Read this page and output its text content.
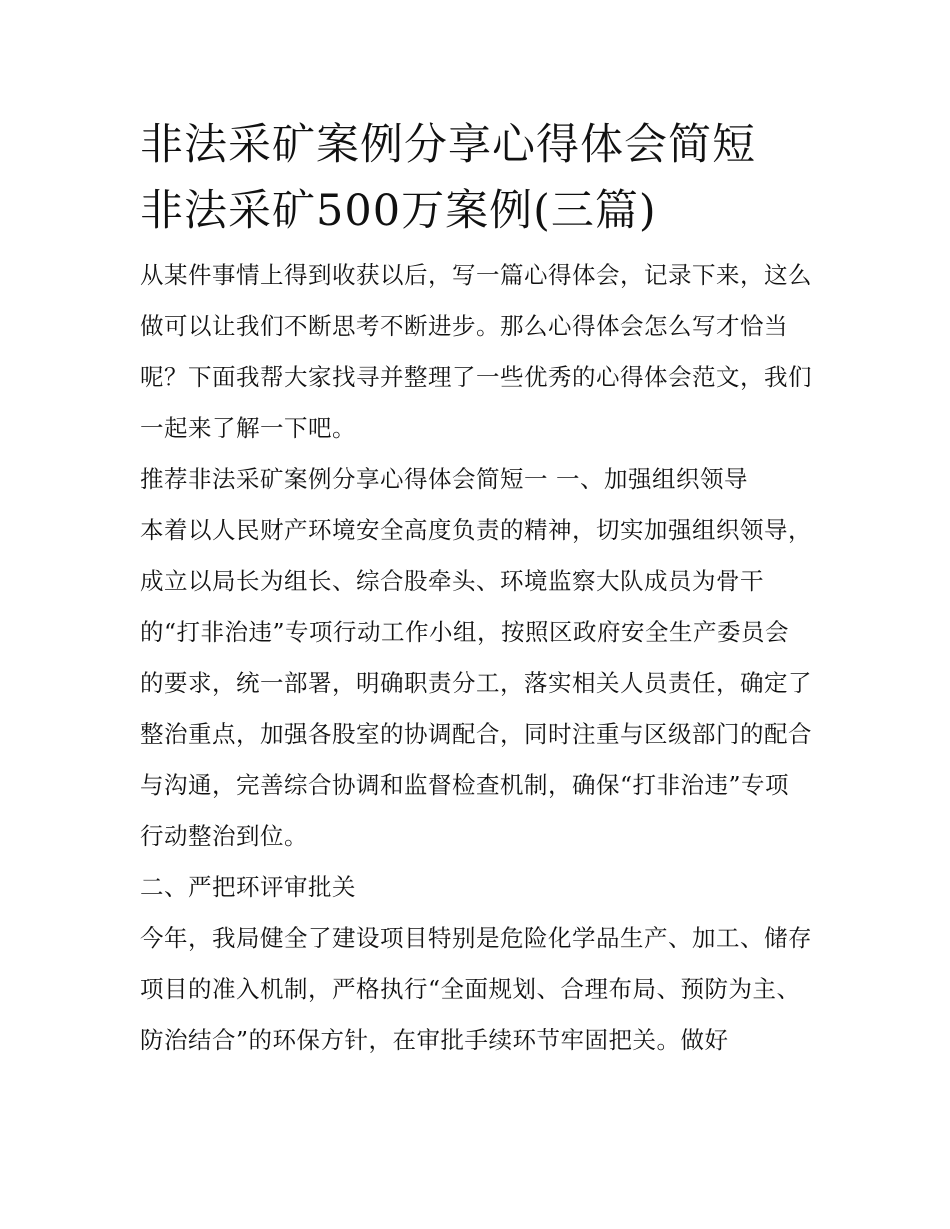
非法采矿案例分享心得体会简短 非法采矿500万案例(三篇)

从某件事情上得到收获以后，写一篇心得体会，记录下来，这么做可以让我们不断思考不断进步。那么心得体会怎么写才恰当呢？下面我帮大家找寻并整理了一些优秀的心得体会范文，我们一起来了解一下吧。

推荐非法采矿案例分享心得体会简短一 一、加强组织领导

本着以人民财产环境安全高度负责的精神，切实加强组织领导，成立以局长为组长、综合股牵头、环境监察大队成员为骨干的“打非治违”专项行动工作小组，按照区政府安全生产委员会的要求，统一部署，明确职责分工，落实相关人员责任，确定了整治重点，加强各股室的协调配合，同时注重与区级部门的配合与沟通，完善综合协调和监督检查机制，确保“打非治违”专项行动整治到位。

二、严把环评审批关

今年，我局健全了建设项目特别是危险化学品生产、加工、储存项目的准入机制，严格执行“全面规划、合理布局、预防为主、防治结合”的环保方针，在审批手续环节牢固把关。做好
